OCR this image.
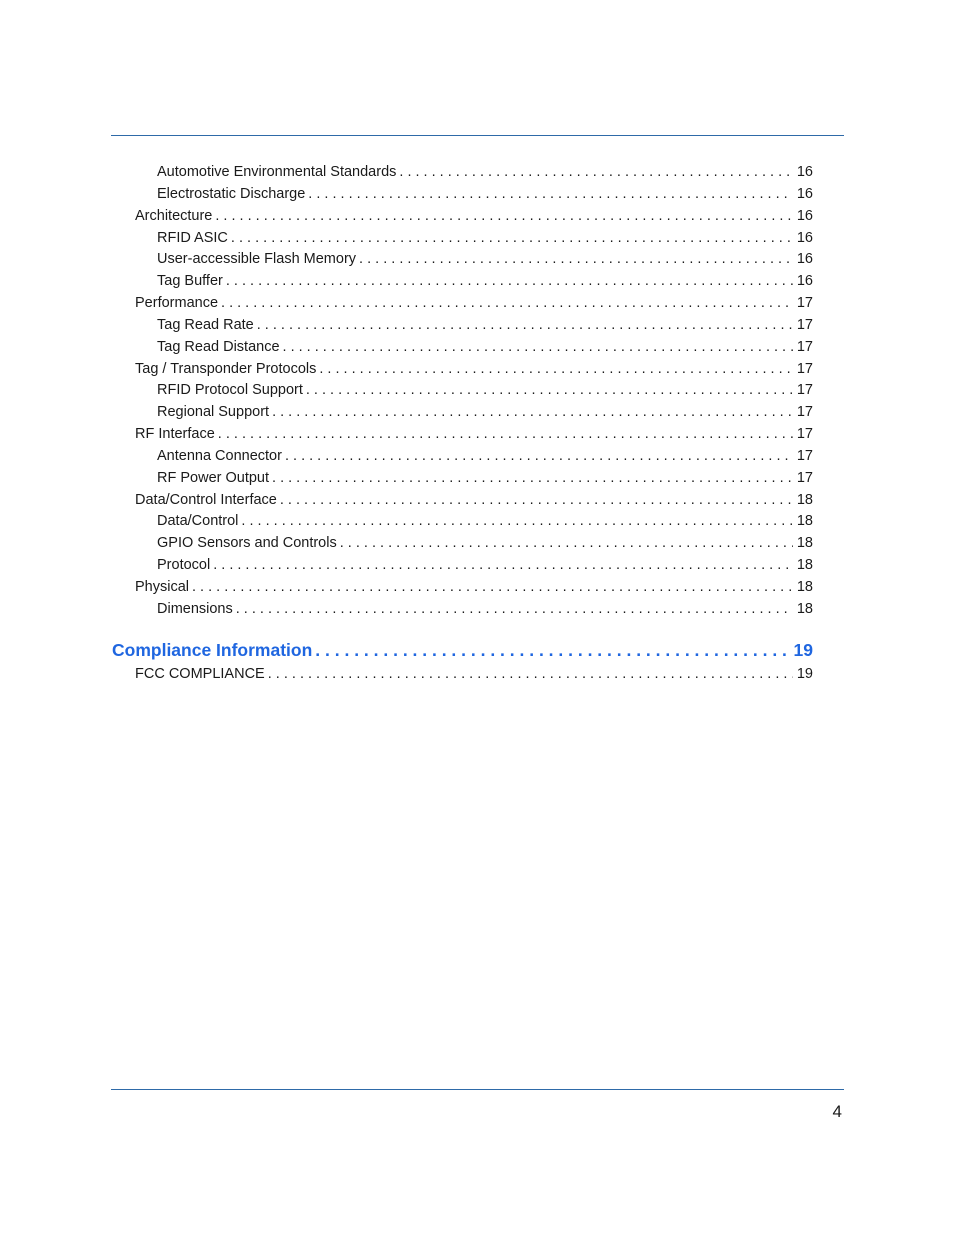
Automotive Environmental Standards . . .	16
Electrostatic Discharge . . .	16
Architecture . . .	16
RFID ASIC . . .	16
User-accessible Flash Memory . . .	16
Tag Buffer . . .	16
Performance . . .	17
Tag Read Rate . . .	17
Tag Read Distance . . .	17
Tag / Transponder Protocols . . .	17
RFID Protocol Support . . .	17
Regional Support . . .	17
RF Interface . . .	17
Antenna Connector . . .	17
RF Power Output . . .	17
Data/Control Interface . . .	18
Data/Control . . .	18
GPIO Sensors and Controls . . .	18
Protocol . . .	18
Physical . . .	18
Dimensions . . .	18
Compliance Information . . .	19
FCC COMPLIANCE . . .	19
4
